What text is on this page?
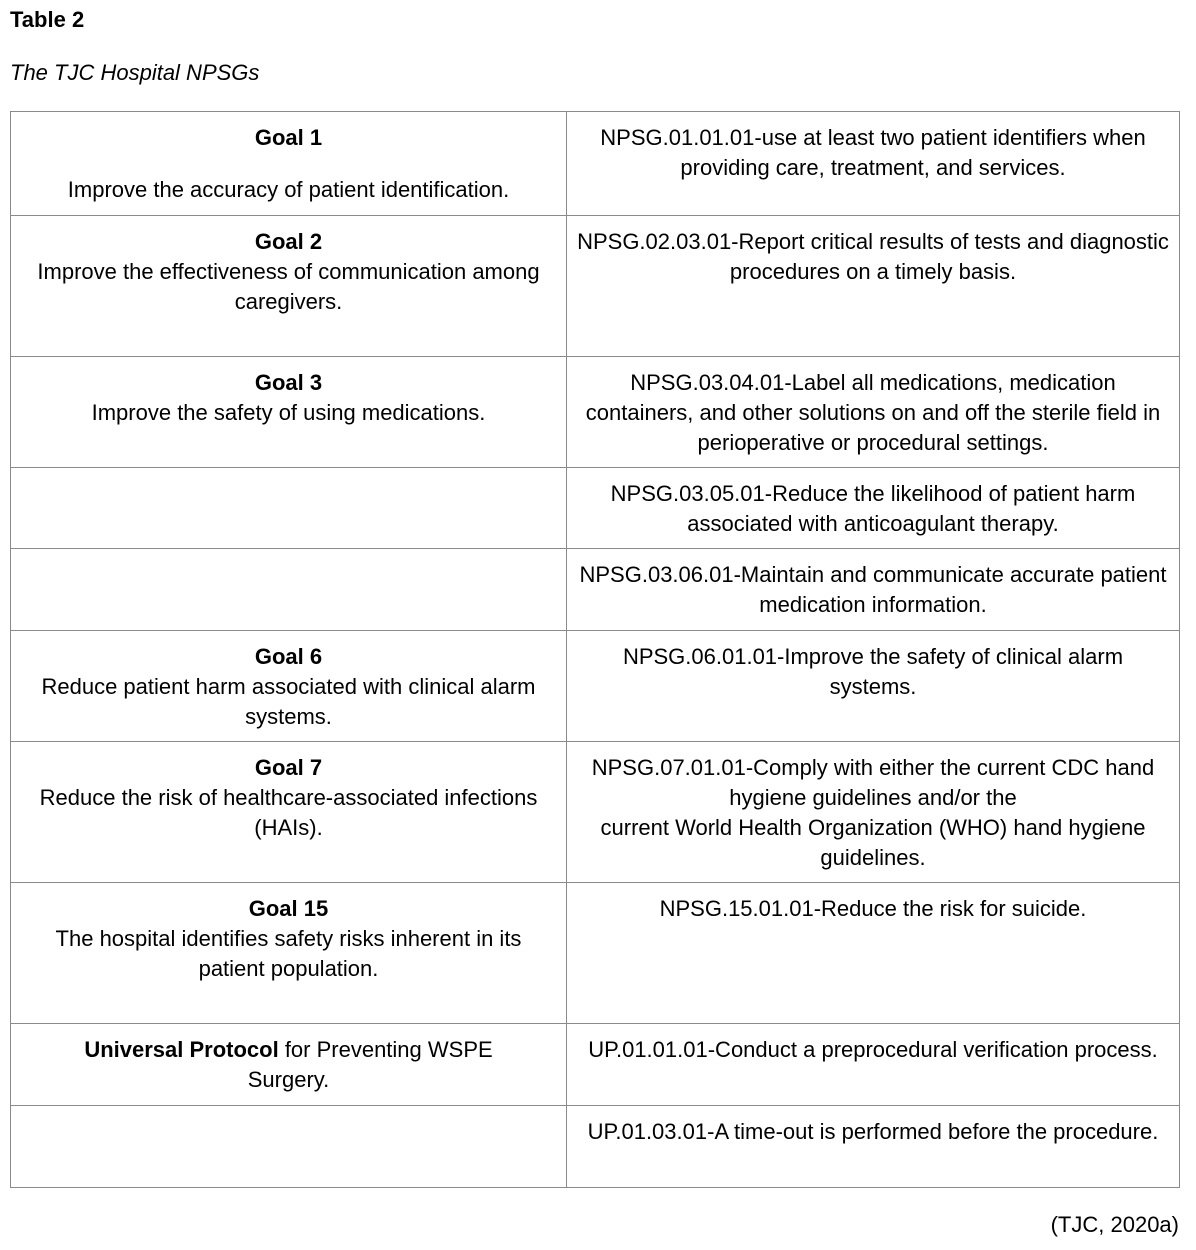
Table 2
The TJC Hospital NPSGs
Goal 1
Improve the accuracy of patient identification.	NPSG.01.01.01-use at least two patient identifiers when providing care, treatment, and services.

Goal 2
Improve the effectiveness of communication among caregivers.	NPSG.02.03.01-Report critical results of tests and diagnostic procedures on a timely basis.

Goal 3
Improve the safety of using medications.	NPSG.03.04.01-Label all medications, medication containers, and other solutions on and off the sterile field in perioperative or procedural settings.
	NPSG.03.05.01-Reduce the likelihood of patient harm associated with anticoagulant therapy.
	NPSG.03.06.01-Maintain and communicate accurate patient medication information.

Goal 6
Reduce patient harm associated with clinical alarm systems.	NPSG.06.01.01-Improve the safety of clinical alarm systems.

Goal 7
Reduce the risk of healthcare-associated infections (HAIs).	NPSG.07.01.01-Comply with either the current CDC hand hygiene guidelines and/or the
current World Health Organization (WHO) hand hygiene guidelines.

Goal 15
The hospital identifies safety risks inherent in its patient population.	NPSG.15.01.01-Reduce the risk for suicide.
Universal Protocol for Preventing WSPE Surgery.	UP.01.01.01-Conduct a preprocedural verification process.
	UP.01.03.01-A time-out is performed before the procedure.
(TJC, 2020a)
